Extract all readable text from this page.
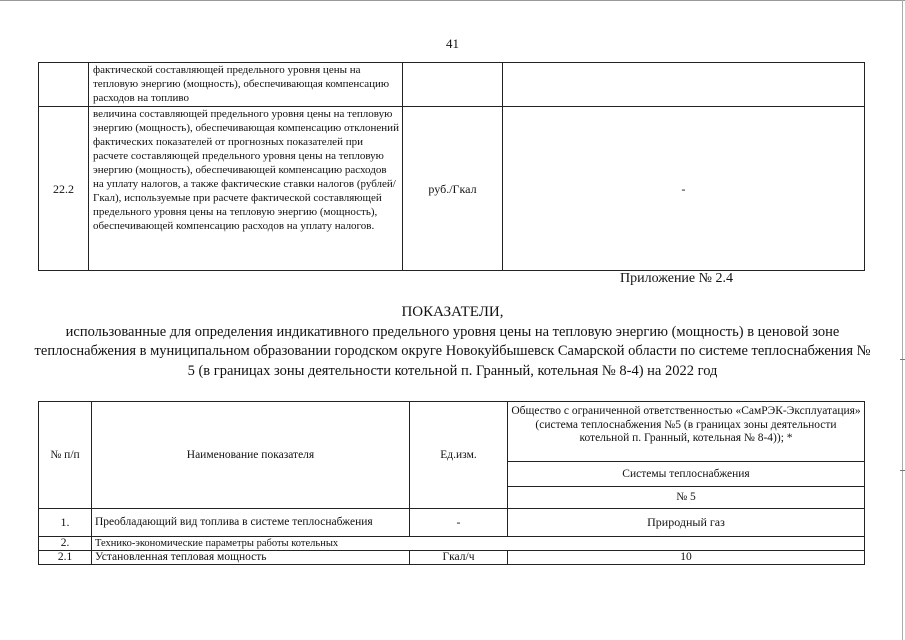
41
	фактической составляющей предельного уровня цены на тепловую энергию (мощность), обеспечивающая компенсацию расходов на топливо		
22.2	величина составляющей предельного уровня цены на тепловую энергию (мощность), обеспечивающая компенсацию отклонений фактических показателей от прогнозных показателей при расчете составляющей предельного уровня цены на тепловую энергию (мощность), обеспечивающей компенсацию расходов на уплату налогов, а также фактические ставки налогов (рублей/Гкал), используемые при расчете фактической составляющей предельного уровня цены на тепловую энергию (мощность), обеспечивающей компенсацию расходов на уплату налогов.	руб./Гкал	-
Приложение № 2.4
ПОКАЗАТЕЛИ,
использованные для определения индикативного предельного уровня цены на тепловую энергию (мощность) в ценовой зоне теплоснабжения в муниципальном образовании городском округе Новокуйбышевск Самарской области по системе теплоснабжения № 5 (в границах зоны деятельности котельной п. Гранный, котельная № 8-4) на 2022 год
№ п/п	Наименование показателя	Ед.изм.	Общество с ограниченной ответственностью «СамРЭК-Эксплуатация» (система теплоснабжения №5 (в границах зоны деятельности котельной п. Гранный, котельная № 8-4)); *
			Системы теплоснабжения
			№ 5
1.	Преобладающий вид топлива в системе теплоснабжения	-	Природный газ
2.	Технико-экономические параметры работы котельных		
2.1	Установленная тепловая мощность	Гкал/ч	10
